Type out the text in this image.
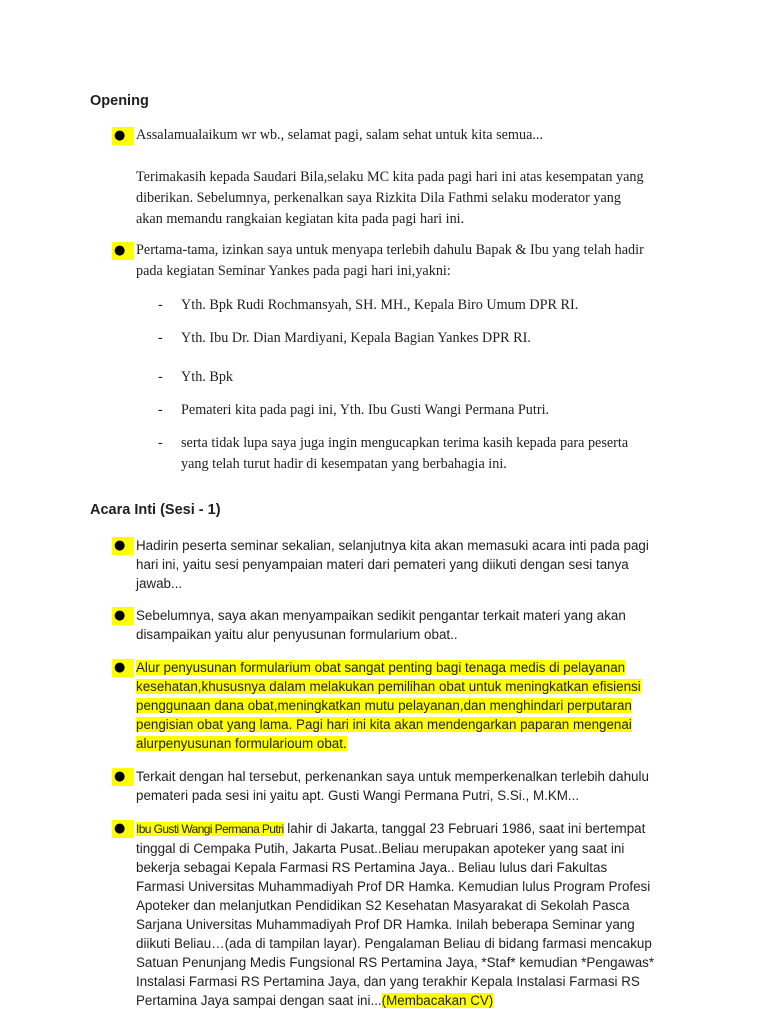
Opening
● Assalamualaikum wr wb., selamat pagi, salam sehat untuk kita semua...
Terimakasih kepada Saudari Bila,selaku MC kita pada pagi hari ini atas kesempatan yang
diberikan. Sebelumnya, perkenalkan saya Rizkita Dila Fathmi selaku moderator yang
akan memandu rangkaian kegiatan kita pada pagi hari ini.
● Pertama-tama, izinkan saya untuk menyapa terlebih dahulu Bapak & Ibu yang telah hadir
pada kegiatan Seminar Yankes pada pagi hari ini,yakni:
- Yth. Bpk Rudi Rochmansyah, SH. MH., Kepala Biro Umum DPR RI.
- Yth. Ibu Dr. Dian Mardiyani, Kepala Bagian Yankes DPR RI.
- Yth. Bpk
- Pemateri kita pada pagi ini, Yth. Ibu Gusti Wangi Permana Putri.
- serta tidak lupa saya juga ingin mengucapkan terima kasih kepada para peserta
yang telah turut hadir di kesempatan yang berbahagia ini.
Acara Inti (Sesi - 1)
● Hadirin peserta seminar sekalian, selanjutnya kita akan memasuki acara inti pada pagi
hari ini, yaitu sesi penyampaian materi dari pemateri yang diikuti dengan sesi tanya
jawab...
● Sebelumnya, saya akan menyampaikan sedikit pengantar terkait materi yang akan
disampaikan yaitu alur penyusunan formularium obat..
● Alur penyusunan formularium obat sangat penting bagi tenaga medis di pelayanan
kesehatan,khususnya dalam melakukan pemilihan obat untuk meningkatkan efisiensi
penggunaan dana obat,meningkatkan mutu pelayanan,dan menghindari perputaran
pengisian obat yang lama. Pagi hari ini kita akan mendengarkan paparan mengenai
alurpenyusunan formularioum obat.
● Terkait dengan hal tersebut, perkenankan saya untuk memperkenalkan terlebih dahulu
pemateri pada sesi ini yaitu apt. Gusti Wangi Permana Putri, S.Si., M.KM...
● Ibu Gusti Wangi Permana Putri lahir di Jakarta, tanggal 23 Februari 1986, saat ini bertempat
tinggal di Cempaka Putih, Jakarta Pusat..Beliau merupakan apoteker yang saat ini
bekerja sebagai Kepala Farmasi RS Pertamina Jaya.. Beliau lulus dari Fakultas
Farmasi Universitas Muhammadiyah Prof DR Hamka. Kemudian lulus Program Profesi
Apoteker dan melanjutkan Pendidikan S2 Kesehatan Masyarakat di Sekolah Pasca
Sarjana Universitas Muhammadiyah Prof DR Hamka. Inilah beberapa Seminar yang
diikuti Beliau…(ada di tampilan layar). Pengalaman Beliau di bidang farmasi mencakup
Satuan Penunjang Medis Fungsional RS Pertamina Jaya, *Staf* kemudian *Pengawas*
Instalasi Farmasi RS Pertamina Jaya, dan yang terakhir Kepala Instalasi Farmasi RS
Pertamina Jaya sampai dengan saat ini...(Membacakan CV)
